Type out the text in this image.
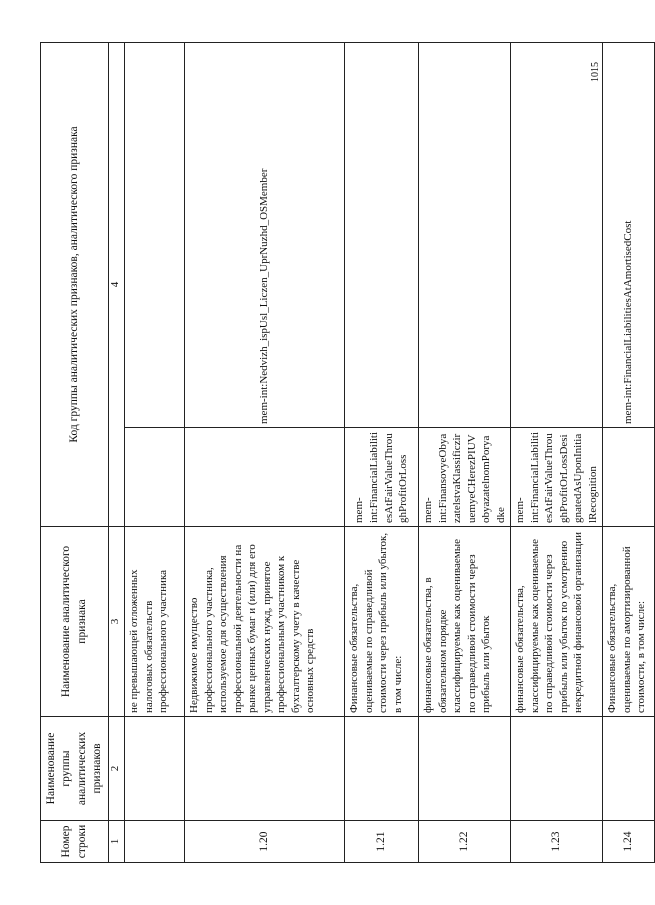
Номер строки	Наименование группы аналитических признаков	Наименование аналитического признака	Код группы аналитических признаков, аналитического признака	
1	2	3	4	
		не превышающей отложенных налоговых обязательств профессионального участника		
1.20		Недвижимое имущество профессионального участника, используемое для осуществления профессиональной деятельности на рынке ценных бумаг и (или) для его управленческих нужд, принятое профессиональным участником к бухгалтерскому учету в качестве основных средств		mem-int:Nedvizh_ispUsl_Liczen_UprNuzhd_OSMember
1.21		Финансовые обязательства, оцениваемые по справедливой стоимости через прибыль или убыток, в том числе:	mem-int:FinancialLiabilitiesAtFairValueThroughProfitOrLoss	
1.22		финансовые обязательства, в обязательном порядке классифицируемые как оцениваемые по справедливой стоимости через прибыль или убыток	mem-int:FinansovyeObyazatelstvaKlassificziruemyeCHerezPIUVobyazatelnomPoryadke	
1.23		финансовые обязательства, классифицируемые как оцениваемые по справедливой стоимости через прибыль или убыток по усмотрению некредитной финансовой организации	mem-int:FinancialLiabilitiesAtFairValueThroughProfitOrLossDesignatedAsUponInitialRecognition	
1.24		Финансовые обязательства, оцениваемые по амортизированной стоимости, в том числе:		mem-int:FinancialLiabilitiesAtAmortisedCost
1015
